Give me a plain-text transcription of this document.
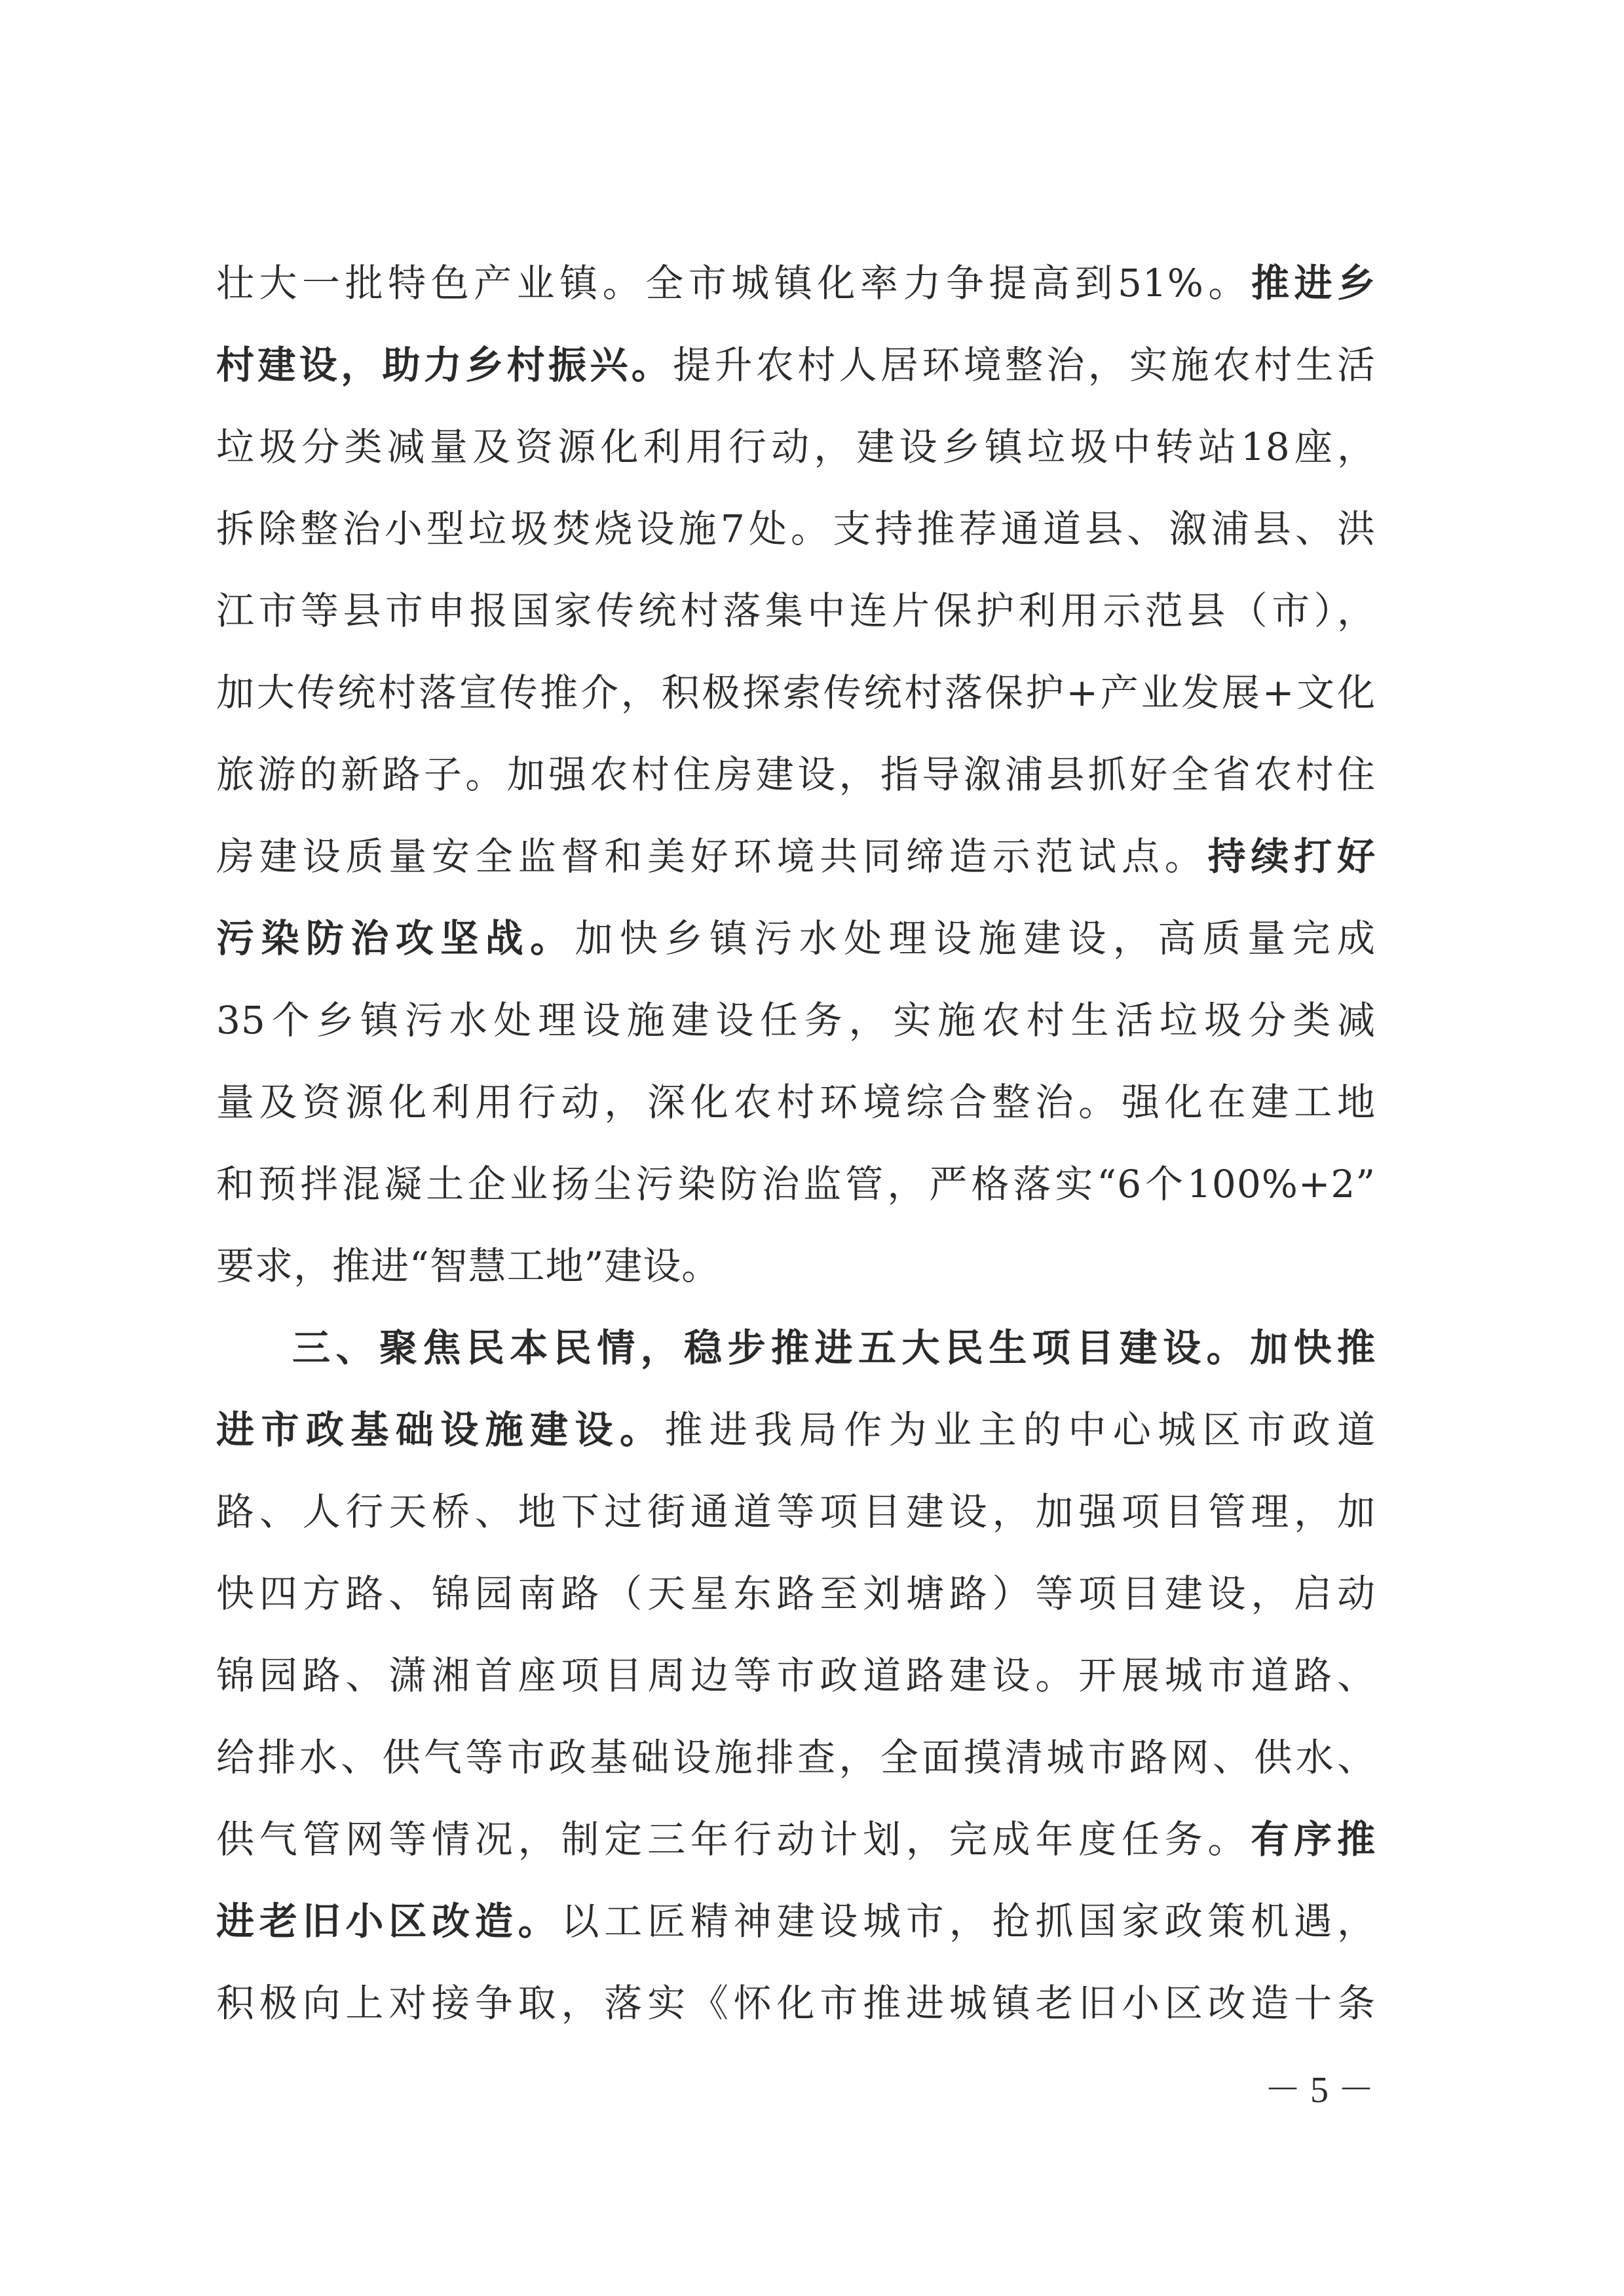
壮大一批特色产业镇。全市城镇化率力争提高到51%。推进乡
村建设，助力乡村振兴。提升农村人居环境整治，实施农村生活
垃圾分类减量及资源化利用行动，建设乡镇垃圾中转站18座，
拆除整治小型垃圾焚烧设施7处。支持推荐通道县、溆浦县、洪
江市等县市申报国家传统村落集中连片保护利用示范县（市），
加大传统村落宣传推介，积极探索传统村落保护+产业发展+文化
旅游的新路子。加强农村住房建设，指导溆浦县抓好全省农村住
房建设质量安全监督和美好环境共同缔造示范试点。持续打好
污染防治攻坚战。加快乡镇污水处理设施建设，高质量完成
35个乡镇污水处理设施建设任务，实施农村生活垃圾分类减
量及资源化利用行动，深化农村环境综合整治。强化在建工地
和预拌混凝土企业扬尘污染防治监管，严格落实“6个100%+2”
要求，推进“智慧工地”建设。
三、聚焦民本民情，稳步推进五大民生项目建设。加快推
进市政基础设施建设。推进我局作为业主的中心城区市政道
路、人行天桥、地下过街通道等项目建设，加强项目管理，加
快四方路、锦园南路（天星东路至刘塘路）等项目建设，启动
锦园路、潇湘首座项目周边等市政道路建设。开展城市道路、
给排水、供气等市政基础设施排查，全面摸清城市路网、供水、
供气管网等情况，制定三年行动计划，完成年度任务。有序推
进老旧小区改造。以工匠精神建设城市，抢抓国家政策机遇，
积极向上对接争取，落实《怀化市推进城镇老旧小区改造十条
－ 5 －
